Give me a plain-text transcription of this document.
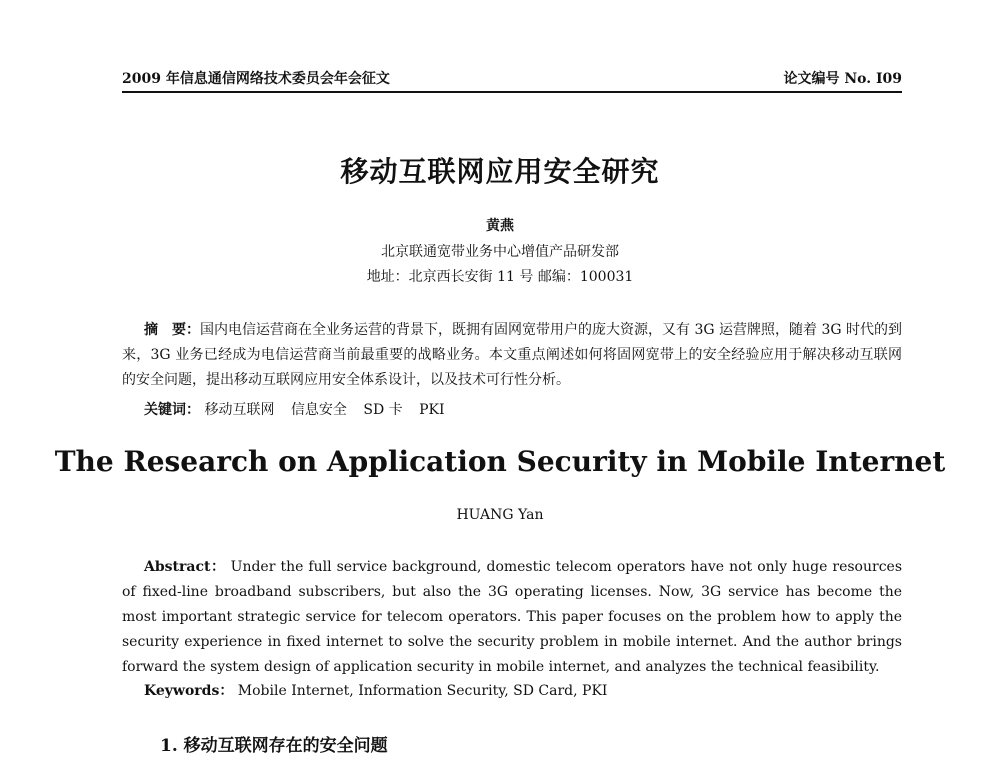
2009 年信息通信网络技术委员会年会征文	论文编号 No. I09
移动互联网应用安全研究
黄燕
北京联通宽带业务中心增值产品研发部
地址：北京西长安街 11 号 邮编：100031
摘　要：国内电信运营商在全业务运营的背景下，既拥有固网宽带用户的庞大资源，又有 3G 运营牌照，随着 3G 时代的到来，3G 业务已经成为电信运营商当前最重要的战略业务。本文重点阐述如何将固网宽带上的安全经验应用于解决移动互联网的安全问题，提出移动互联网应用安全体系设计，以及技术可行性分析。
关键词： 移动互联网 信息安全 SD 卡 PKI
The Research on Application Security in Mobile Internet
HUANG Yan
Abstract： Under the full service background, domestic telecom operators have not only huge resources of fixed-line broadband subscribers, but also the 3G operating licenses. Now, 3G service has become the most important strategic service for telecom operators. This paper focuses on the problem how to apply the security experience in fixed internet to solve the security problem in mobile internet. And the author brings forward the system design of application security in mobile internet, and analyzes the technical feasibility.
Keywords： Mobile Internet, Information Security, SD Card, PKI
1. 移动互联网存在的安全问题
